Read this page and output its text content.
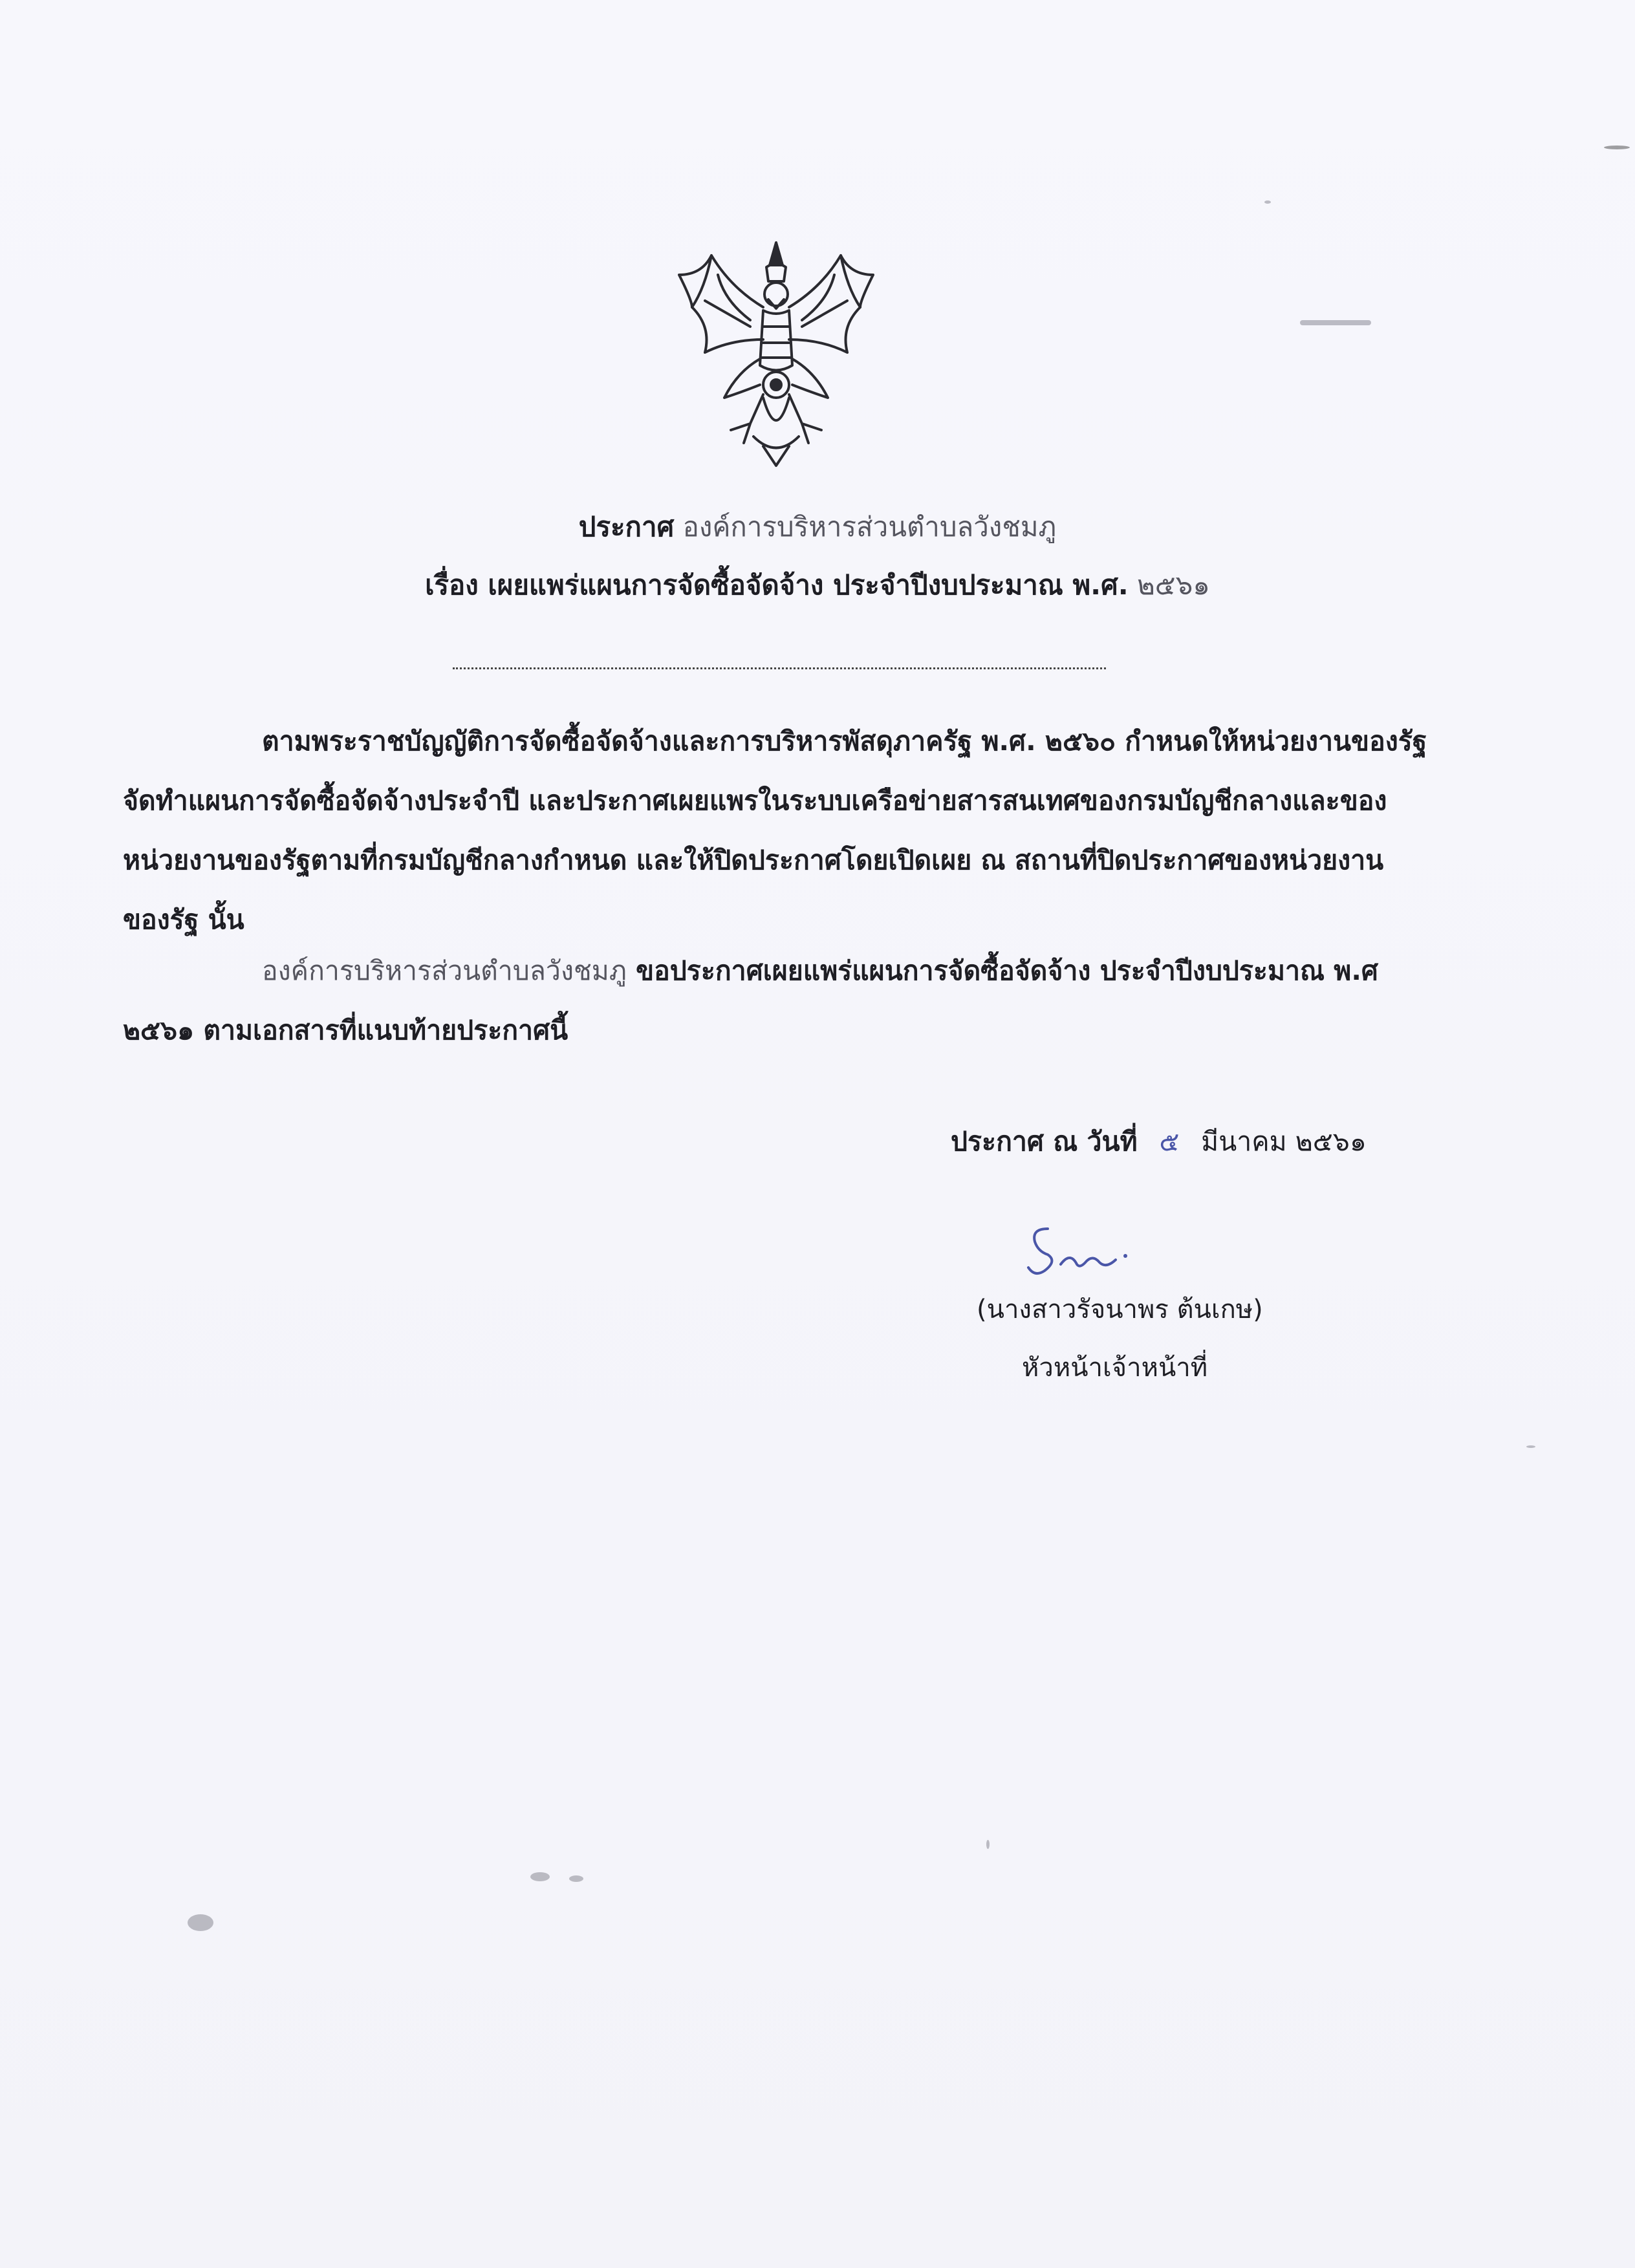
ประกาศ องค์การบริหารส่วนตำบลวังชมภู
เรื่อง เผยแพร่แผนการจัดซื้อจัดจ้าง ประจำปีงบประมาณ พ.ศ. ๒๕๖๑
ตามพระราชบัญญัติการจัดซื้อจัดจ้างและการบริหารพัสดุภาครัฐ พ.ศ. ๒๕๖๐ กำหนดให้หน่วยงานของรัฐจัดทำแผนการจัดซื้อจัดจ้างประจำปี และประกาศเผยแพรในระบบเครือข่ายสารสนเทศของกรมบัญชีกลางและของหน่วยงานของรัฐตามที่กรมบัญชีกลางกำหนด และให้ปิดประกาศโดยเปิดเผย ณ สถานที่ปิดประกาศของหน่วยงานของรัฐ นั้น
องค์การบริหารส่วนตำบลวังชมภู ขอประกาศเผยแพร่แผนการจัดซื้อจัดจ้าง ประจำปีงบประมาณ พ.ศ ๒๕๖๑ ตามเอกสารที่แนบท้ายประกาศนี้
ประกาศ ณ วันที่ ๕ มีนาคม ๒๕๖๑
(นางสาวรัจนาพร ต้นเกษ)
หัวหน้าเจ้าหน้าที่
